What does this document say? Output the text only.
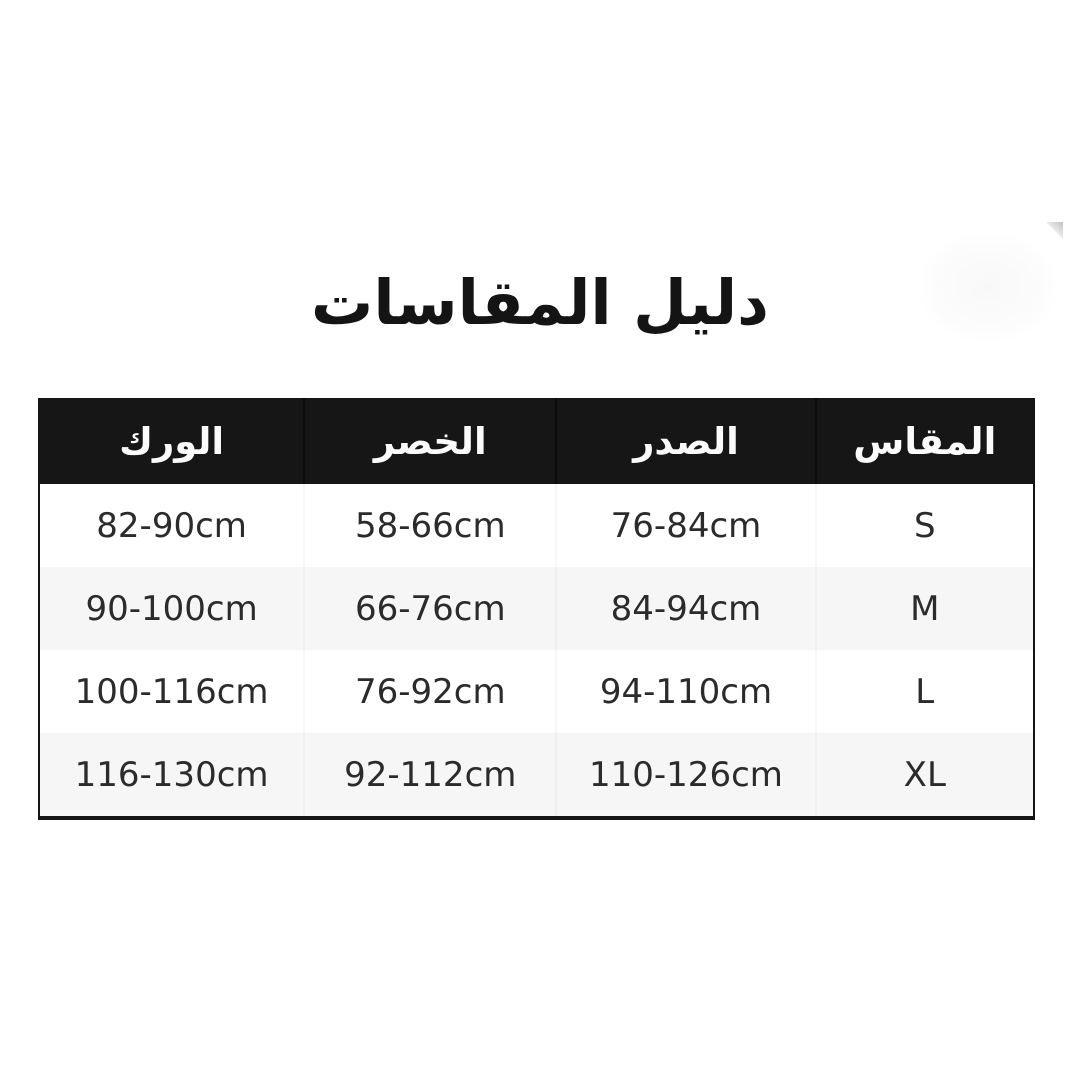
دليل المقاسات
المقاس
الصدر
الخصر
الورك
S
76-84cm
58-66cm
82-90cm
M
84-94cm
66-76cm
90-100cm
L
94-110cm
76-92cm
100-116cm
XL
110-126cm
92-112cm
116-130cm
